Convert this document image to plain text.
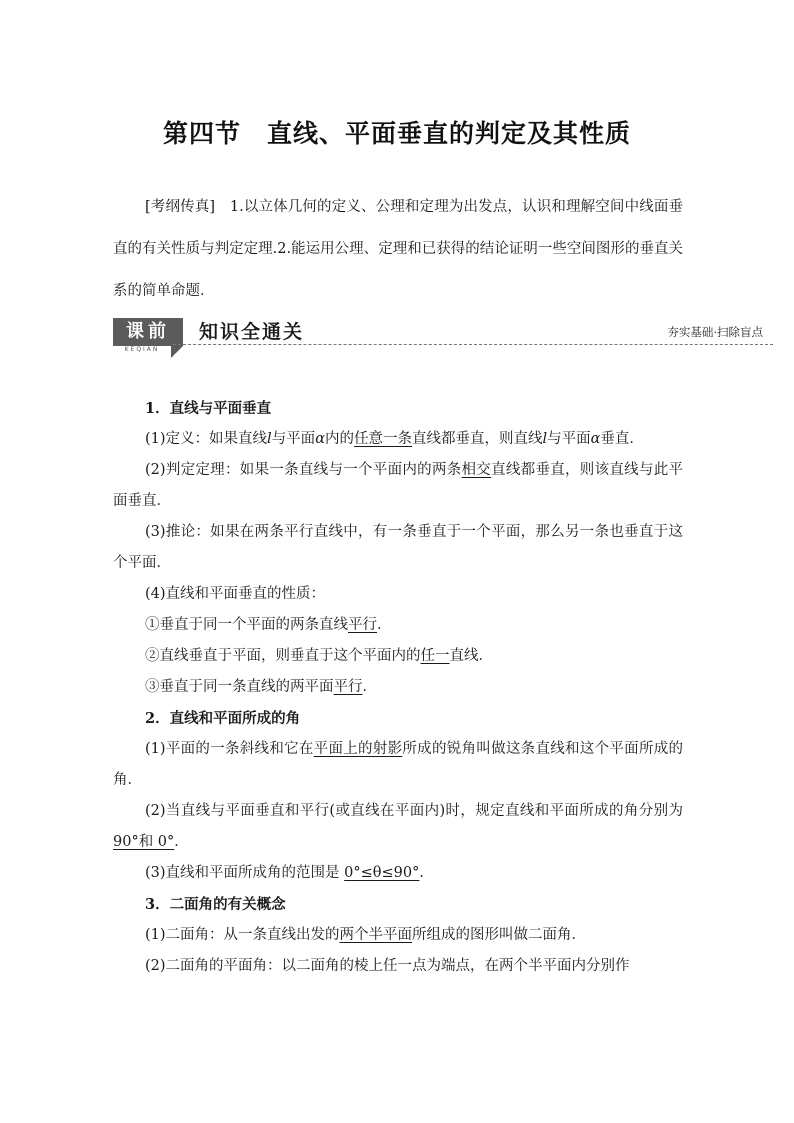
第四节　直线、平面垂直的判定及其性质
[考纲传真]　 1.以立体几何的定义、公理和定理为出发点，认识和理解空间中线面垂直的有关性质与判定定理.2.能运用公理、定理和已获得的结论证明一些空间图形的垂直关系的简单命题．
课前
KEQIAN
知识全通关	夯实基础·扫除盲点

1．直线与平面垂直

(1)定义：如果直线l与平面α内的任意一条直线都垂直，则直线l与平面α垂直．

(2)判定定理：如果一条直线与一个平面内的两条相交直线都垂直，则该直线与此平面垂直．

(3)推论：如果在两条平行直线中，有一条垂直于一个平面，那么另一条也垂直于这个平面．

(4)直线和平面垂直的性质：

①垂直于同一个平面的两条直线平行．

②直线垂直于平面，则垂直于这个平面内的任一直线．

③垂直于同一条直线的两平面平行．

2．直线和平面所成的角

(1)平面的一条斜线和它在平面上的射影所成的锐角叫做这条直线和这个平面所成的角．

(2)当直线与平面垂直和平行(或直线在平面内)时，规定直线和平面所成的角分别为 90°和 0°．

(3)直线和平面所成角的范围是 0°≤θ≤90°．

3．二面角的有关概念

(1)二面角：从一条直线出发的两个半平面所组成的图形叫做二面角．

(2)二面角的平面角：以二面角的棱上任一点为端点，在两个半平面内分别作
